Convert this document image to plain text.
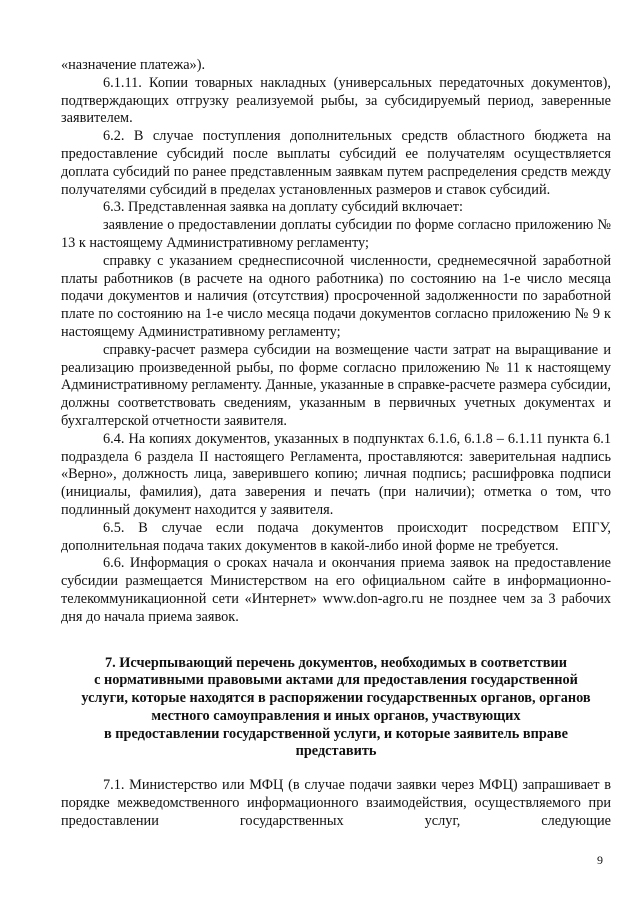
«назначение платежа»).

6.1.11. Копии товарных накладных (универсальных передаточных документов), подтверждающих отгрузку реализуемой рыбы, за субсидируемый период, заверенные заявителем.

6.2. В случае поступления дополнительных средств областного бюджета на предоставление субсидий после выплаты субсидий ее получателям осуществляется доплата субсидий по ранее представленным заявкам путем распределения средств между получателями субсидий в пределах установленных размеров и ставок субсидий.

6.3. Представленная заявка на доплату субсидий включает:

заявление о предоставлении доплаты субсидии по форме согласно приложению № 13 к настоящему Административному регламенту;

справку с указанием среднесписочной численности, среднемесячной заработной платы работников (в расчете на одного работника) по состоянию на 1-е число месяца подачи документов и наличия (отсутствия) просроченной задолженности по заработной плате по состоянию на 1-е число месяца подачи документов согласно приложению № 9 к настоящему Административному регламенту;

справку-расчет размера субсидии на возмещение части затрат на выращивание и реализацию произведенной рыбы, по форме согласно приложению № 11 к настоящему Административному регламенту. Данные, указанные в справке-расчете размера субсидии, должны соответствовать сведениям, указанным в первичных учетных документах и бухгалтерской отчетности заявителя.

6.4. На копиях документов, указанных в подпунктах 6.1.6, 6.1.8 – 6.1.11 пункта 6.1 подраздела 6 раздела II настоящего Регламента, проставляются: заверительная надпись «Верно», должность лица, заверившего копию; личная подпись; расшифровка подписи (инициалы, фамилия), дата заверения и печать (при наличии); отметка о том, что подлинный документ находится у заявителя.

6.5. В случае если подача документов происходит посредством ЕПГУ, дополнительная подача таких документов в какой-либо иной форме не требуется.

6.6. Информация о сроках начала и окончания приема заявок на предоставление субсидии размещается Министерством на его официальном сайте в информационно-телекоммуникационной сети «Интернет» www.don-agro.ru не позднее чем за 3 рабочих дня до начала приема заявок.

7. Исчерпывающий перечень документов, необходимых в соответствии
с нормативными правовыми актами для предоставления государственной
услуги, которые находятся в распоряжении государственных органов, органов
местного самоуправления и иных органов, участвующих
в предоставлении государственной услуги, и которые заявитель вправе
представить

7.1. Министерство или МФЦ (в случае подачи заявки через МФЦ) запрашивает в порядке межведомственного информационного взаимодействия, осуществляемого при предоставлении государственных услуг, следующие

9
